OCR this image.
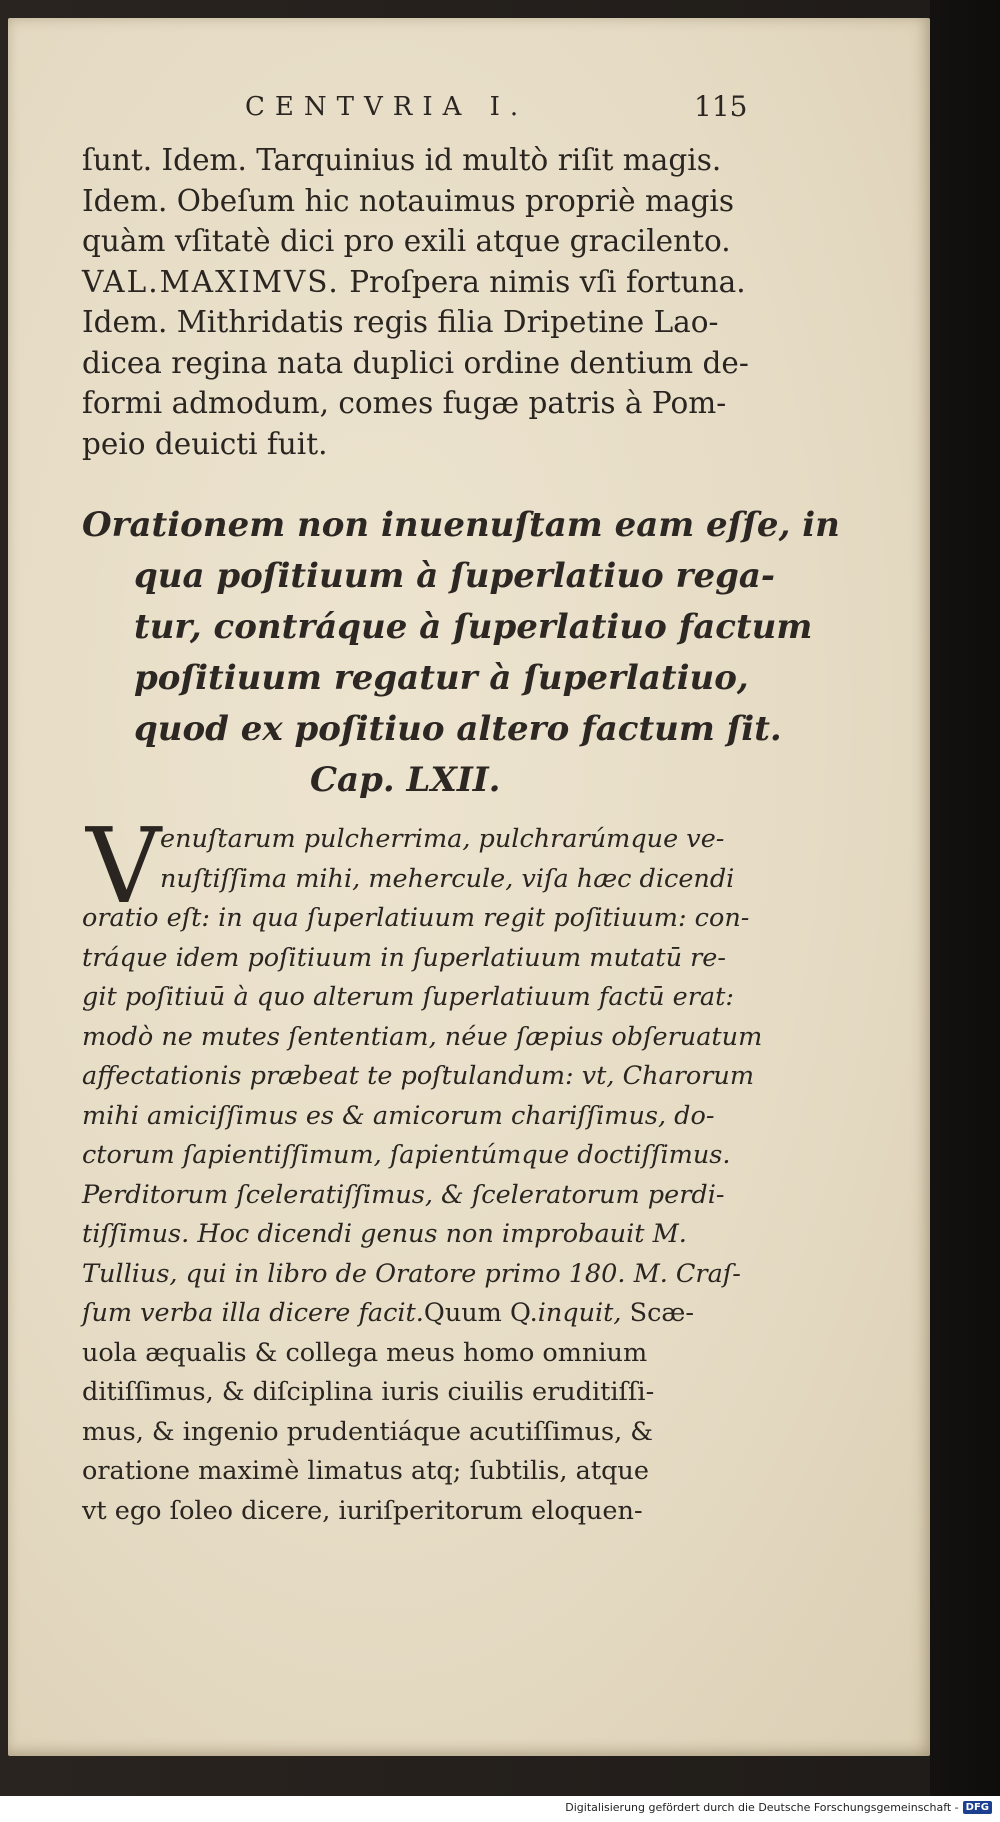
CENTVRIA I.	115
ſunt. Idem. Tarquinius id multò riſit magis.
Idem. Obeſum hic notauimus propriè magis
quàm vſitatè dici pro exili atque gracilento.
VAL.MAXIMVS. Proſpera nimis vſi fortuna.
Idem. Mithridatis regis filia Dripetine Lao-
dicea regina nata duplici ordine dentium de-
formi admodum, comes fugæ patris à Pom-
peio deuicti fuit.
Orationem non inuenuſtam eam eſſe, in
qua poſitiuum à ſuperlatiuo rega-
tur, contráque à ſuperlatiuo factum
poſitiuum regatur à ſuperlatiuo,
quod ex poſitiuo altero factum ſit.
Cap. LXII.
V
enuſtarum pulcherrima, pulchrarúmque ve-
nuſtiſſima mihi, mehercule, viſa hæc dicendi
oratio eſt: in qua ſuperlatiuum regit poſitiuum: con-
tráque idem poſitiuum in ſuperlatiuum mutatū re-
git poſitiuū à quo alterum ſuperlatiuum factū erat:
modò ne mutes ſententiam, néue ſæpius obſeruatum
affectationis præbeat te poſtulandum: vt, Charorum
mihi amiciſſimus es & amicorum chariſſimus, do-
ctorum ſapientiſſimum, ſapientúmque doctiſſimus.
Perditorum ſceleratiſſimus, & ſceleratorum perdi-
tiſſimus. Hoc dicendi genus non improbauit M.
Tullius, qui in libro de Oratore primo 180. M. Craſ-
ſum verba illa dicere facit.Quum Q.inquit, Scæ-
uola æqualis & collega meus homo omnium
ditiſſimus, & diſciplina iuris ciuilis eruditiſſi-
mus, & ingenio prudentiáque acutiſſimus, &
oratione maximè limatus atq; ſubtilis, atque
vt ego ſoleo dicere, iuriſperitorum eloquen-
Digitalisierung gefördert durch die Deutsche Forschungsgemeinschaft - DFG
